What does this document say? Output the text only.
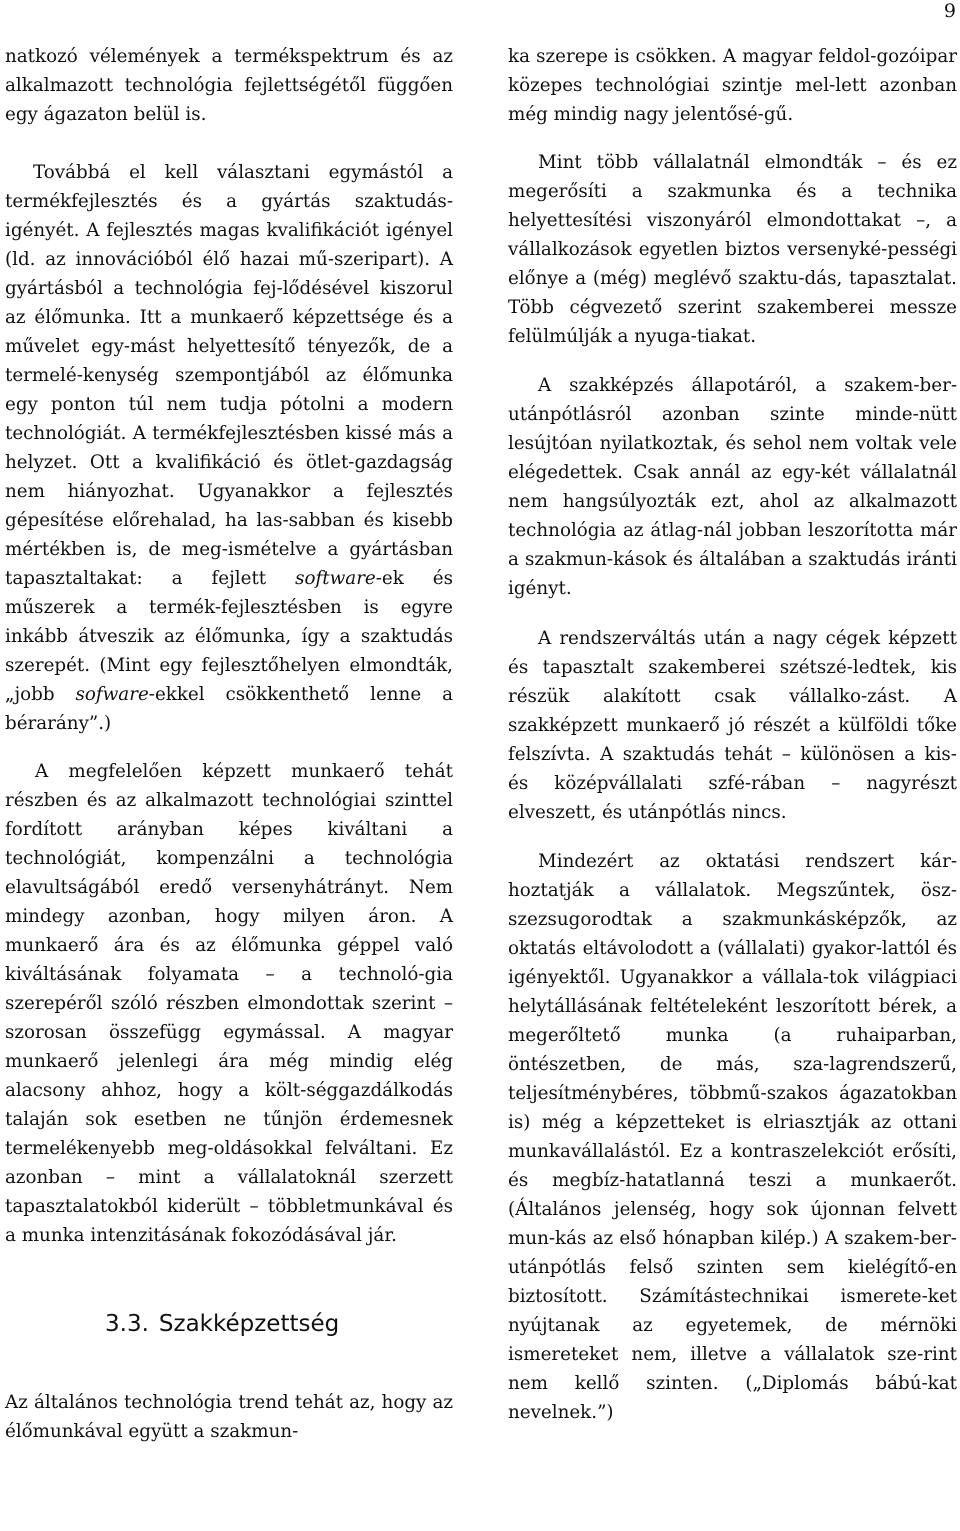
9

natkozó vélemények a termékspektrum és az alkalmazott technológia fejlettségétől függően egy ágazaton belül is.

Továbbá el kell választani egymástól a termékfejlesztés és a gyártás szaktudás-igényét. A fejlesztés magas kvalifikációt igényel (ld. az innovációból élő hazai mű-szeripart). A gyártásból a technológia fej-lődésével kiszorul az élőmunka. Itt a munkaerő képzettsége és a művelet egy-mást helyettesítő tényezők, de a termelé-kenység szempontjából az élőmunka egy ponton túl nem tudja pótolni a modern technológiát. A termékfejlesztésben kissé más a helyzet. Ott a kvalifikáció és ötlet-gazdagság nem hiányozhat. Ugyanakkor a fejlesztés gépesítése előrehalad, ha las-sabban és kisebb mértékben is, de meg-ismételve a gyártásban tapasztaltakat: a fejlett software-ek és műszerek a termék-fejlesztésben is egyre inkább átveszik az élőmunka, így a szaktudás szerepét. (Mint egy fejlesztőhelyen elmondták, „jobb sofware-ekkel csökkenthető lenne a bérarány”.)

A megfelelően képzett munkaerő tehát részben és az alkalmazott technológiai szinttel fordított arányban képes kiváltani a technológiát, kompenzálni a technológia elavultságából eredő versenyhátrányt. Nem mindegy azonban, hogy milyen áron. A munkaerő ára és az élőmunka géppel való kiváltásának folyamata – a technoló-gia szerepéről szóló részben elmondottak szerint – szorosan összefügg egymással. A magyar munkaerő jelenlegi ára még mindig elég alacsony ahhoz, hogy a költ-séggazdálkodás talaján sok esetben ne tűnjön érdemesnek termelékenyebb meg-oldásokkal felváltani. Ez azonban – mint a vállalatoknál szerzett tapasztalatokból kiderült – többletmunkával és a munka intenzitásának fokozódásával jár.

3.3. Szakképzettség

Az általános technológia trend tehát az, hogy az élőmunkával együtt a szakmun-

ka szerepe is csökken. A magyar feldol-gozóipar közepes technológiai szintje mel-lett azonban még mindig nagy jelentősé-gű.

Mint több vállalatnál elmondták – és ez megerősíti a szakmunka és a technika helyettesítési viszonyáról elmondottakat –, a vállalkozások egyetlen biztos versenyké-pességi előnye a (még) meglévő szaktu-dás, tapasztalat. Több cégvezető szerint szakemberei messze felülmúlják a nyuga-tiakat.

A szakképzés állapotáról, a szakem-ber-utánpótlásról azonban szinte minde-nütt lesújtóan nyilatkoztak, és sehol nem voltak vele elégedettek. Csak annál az egy-két vállalatnál nem hangsúlyozták ezt, ahol az alkalmazott technológia az átlag-nál jobban leszorította már a szakmun-kások és általában a szaktudás iránti igényt.

A rendszerváltás után a nagy cégek képzett és tapasztalt szakemberei szétszé-ledtek, kis részük alakított csak vállalko-zást. A szakképzett munkaerő jó részét a külföldi tőke felszívta. A szaktudás tehát – különösen a kis- és középvállalati szfé-rában – nagyrészt elveszett, és utánpótlás nincs.

Mindezért az oktatási rendszert kár-hoztatják a vállalatok. Megszűntek, ösz-szezsugorodtak a szakmunkásképzők, az oktatás eltávolodott a (vállalati) gyakor-lattól és igényektől. Ugyanakkor a vállala-tok világpiaci helytállásának feltételeként leszorított bérek, a megerőltető munka (a ruhaiparban, öntészetben, de más, sza-lagrendszerű, teljesítménybéres, többmű-szakos ágazatokban is) még a képzetteket is elriasztják az ottani munkavállalástól. Ez a kontraszelekciót erősíti, és megbíz-hatatlanná teszi a munkaerőt. (Általános jelenség, hogy sok újonnan felvett mun-kás az első hónapban kilép.) A szakem-ber-utánpótlás felső szinten sem kielégítő-en biztosított. Számítástechnikai ismerete-ket nyújtanak az egyetemek, de mérnöki ismereteket nem, illetve a vállalatok sze-rint nem kellő szinten. („Diplomás bábú-kat nevelnek.”)
